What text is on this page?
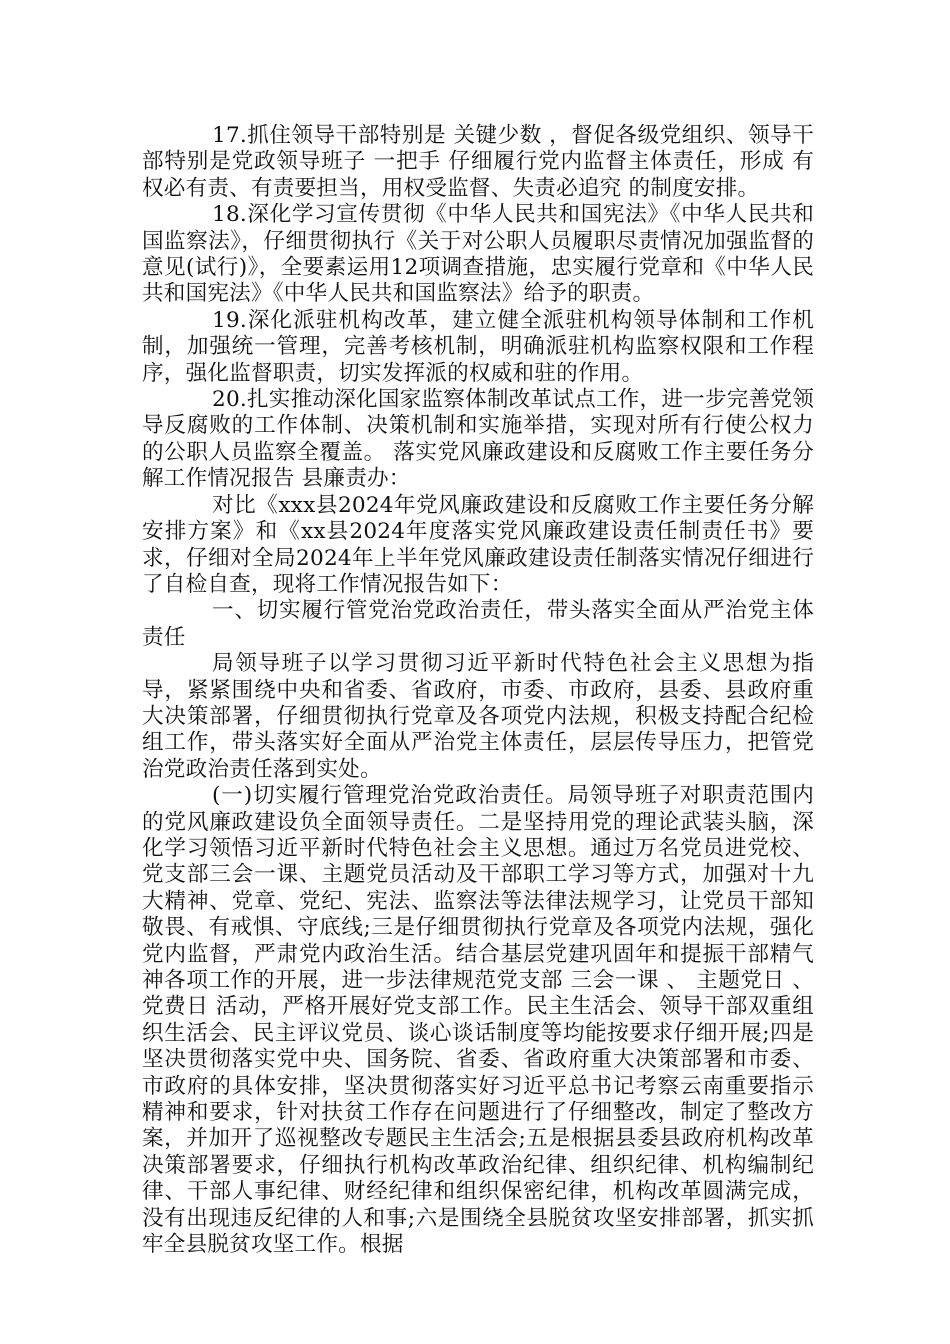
17.抓住领导干部特别是 关键少数 ，督促各级党组织、领导干部特别是党政领导班子 一把手 仔细履行党内监督主体责任，形成 有权必有责、有责要担当，用权受监督、失责必追究 的制度安排。

18.深化学习宣传贯彻《中华人民共和国宪法》《中华人民共和国监察法》，仔细贯彻执行《关于对公职人员履职尽责情况加强监督的意见(试行)》，全要素运用12项调查措施，忠实履行党章和《中华人民共和国宪法》《中华人民共和国监察法》给予的职责。

19.深化派驻机构改革，建立健全派驻机构领导体制和工作机制，加强统一管理，完善考核机制，明确派驻机构监察权限和工作程序，强化监督职责，切实发挥派的权威和驻的作用。

20.扎实推动深化国家监察体制改革试点工作，进一步完善党领导反腐败的工作体制、决策机制和实施举措，实现对所有行使公权力的公职人员监察全覆盖。 落实党风廉政建设和反腐败工作主要任务分解工作情况报告 县廉责办：

对比《xxx县2024年党风廉政建设和反腐败工作主要任务分解安排方案》和《xx县2024年度落实党风廉政建设责任制责任书》要求，仔细对全局2024年上半年党风廉政建设责任制落实情况仔细进行了自检自查，现将工作情况报告如下：

一、切实履行管党治党政治责任，带头落实全面从严治党主体责任

局领导班子以学习贯彻习近平新时代特色社会主义思想为指导，紧紧围绕中央和省委、省政府，市委、市政府，县委、县政府重大决策部署，仔细贯彻执行党章及各项党内法规，积极支持配合纪检组工作，带头落实好全面从严治党主体责任，层层传导压力，把管党治党政治责任落到实处。

(一)切实履行管理党治党政治责任。局领导班子对职责范围内的党风廉政建设负全面领导责任。二是坚持用党的理论武装头脑，深化学习领悟习近平新时代特色社会主义思想。通过万名党员进党校、党支部三会一课、主题党员活动及干部职工学习等方式，加强对十九大精神、党章、党纪、宪法、监察法等法律法规学习，让党员干部知敬畏、有戒惧、守底线;三是仔细贯彻执行党章及各项党内法规，强化党内监督，严肃党内政治生活。结合基层党建巩固年和提振干部精气神各项工作的开展，进一步法律规范党支部 三会一课 、 主题党日 、 党费日 活动，严格开展好党支部工作。民主生活会、领导干部双重组织生活会、民主评议党员、谈心谈话制度等均能按要求仔细开展;四是坚决贯彻落实党中央、国务院、省委、省政府重大决策部署和市委、市政府的具体安排，坚决贯彻落实好习近平总书记考察云南重要指示精神和要求，针对扶贫工作存在问题进行了仔细整改，制定了整改方案，并加开了巡视整改专题民主生活会;五是根据县委县政府机构改革决策部署要求，仔细执行机构改革政治纪律、组织纪律、机构编制纪律、干部人事纪律、财经纪律和组织保密纪律，机构改革圆满完成，没有出现违反纪律的人和事;六是围绕全县脱贫攻坚安排部署，抓实抓牢全县脱贫攻坚工作。根据
